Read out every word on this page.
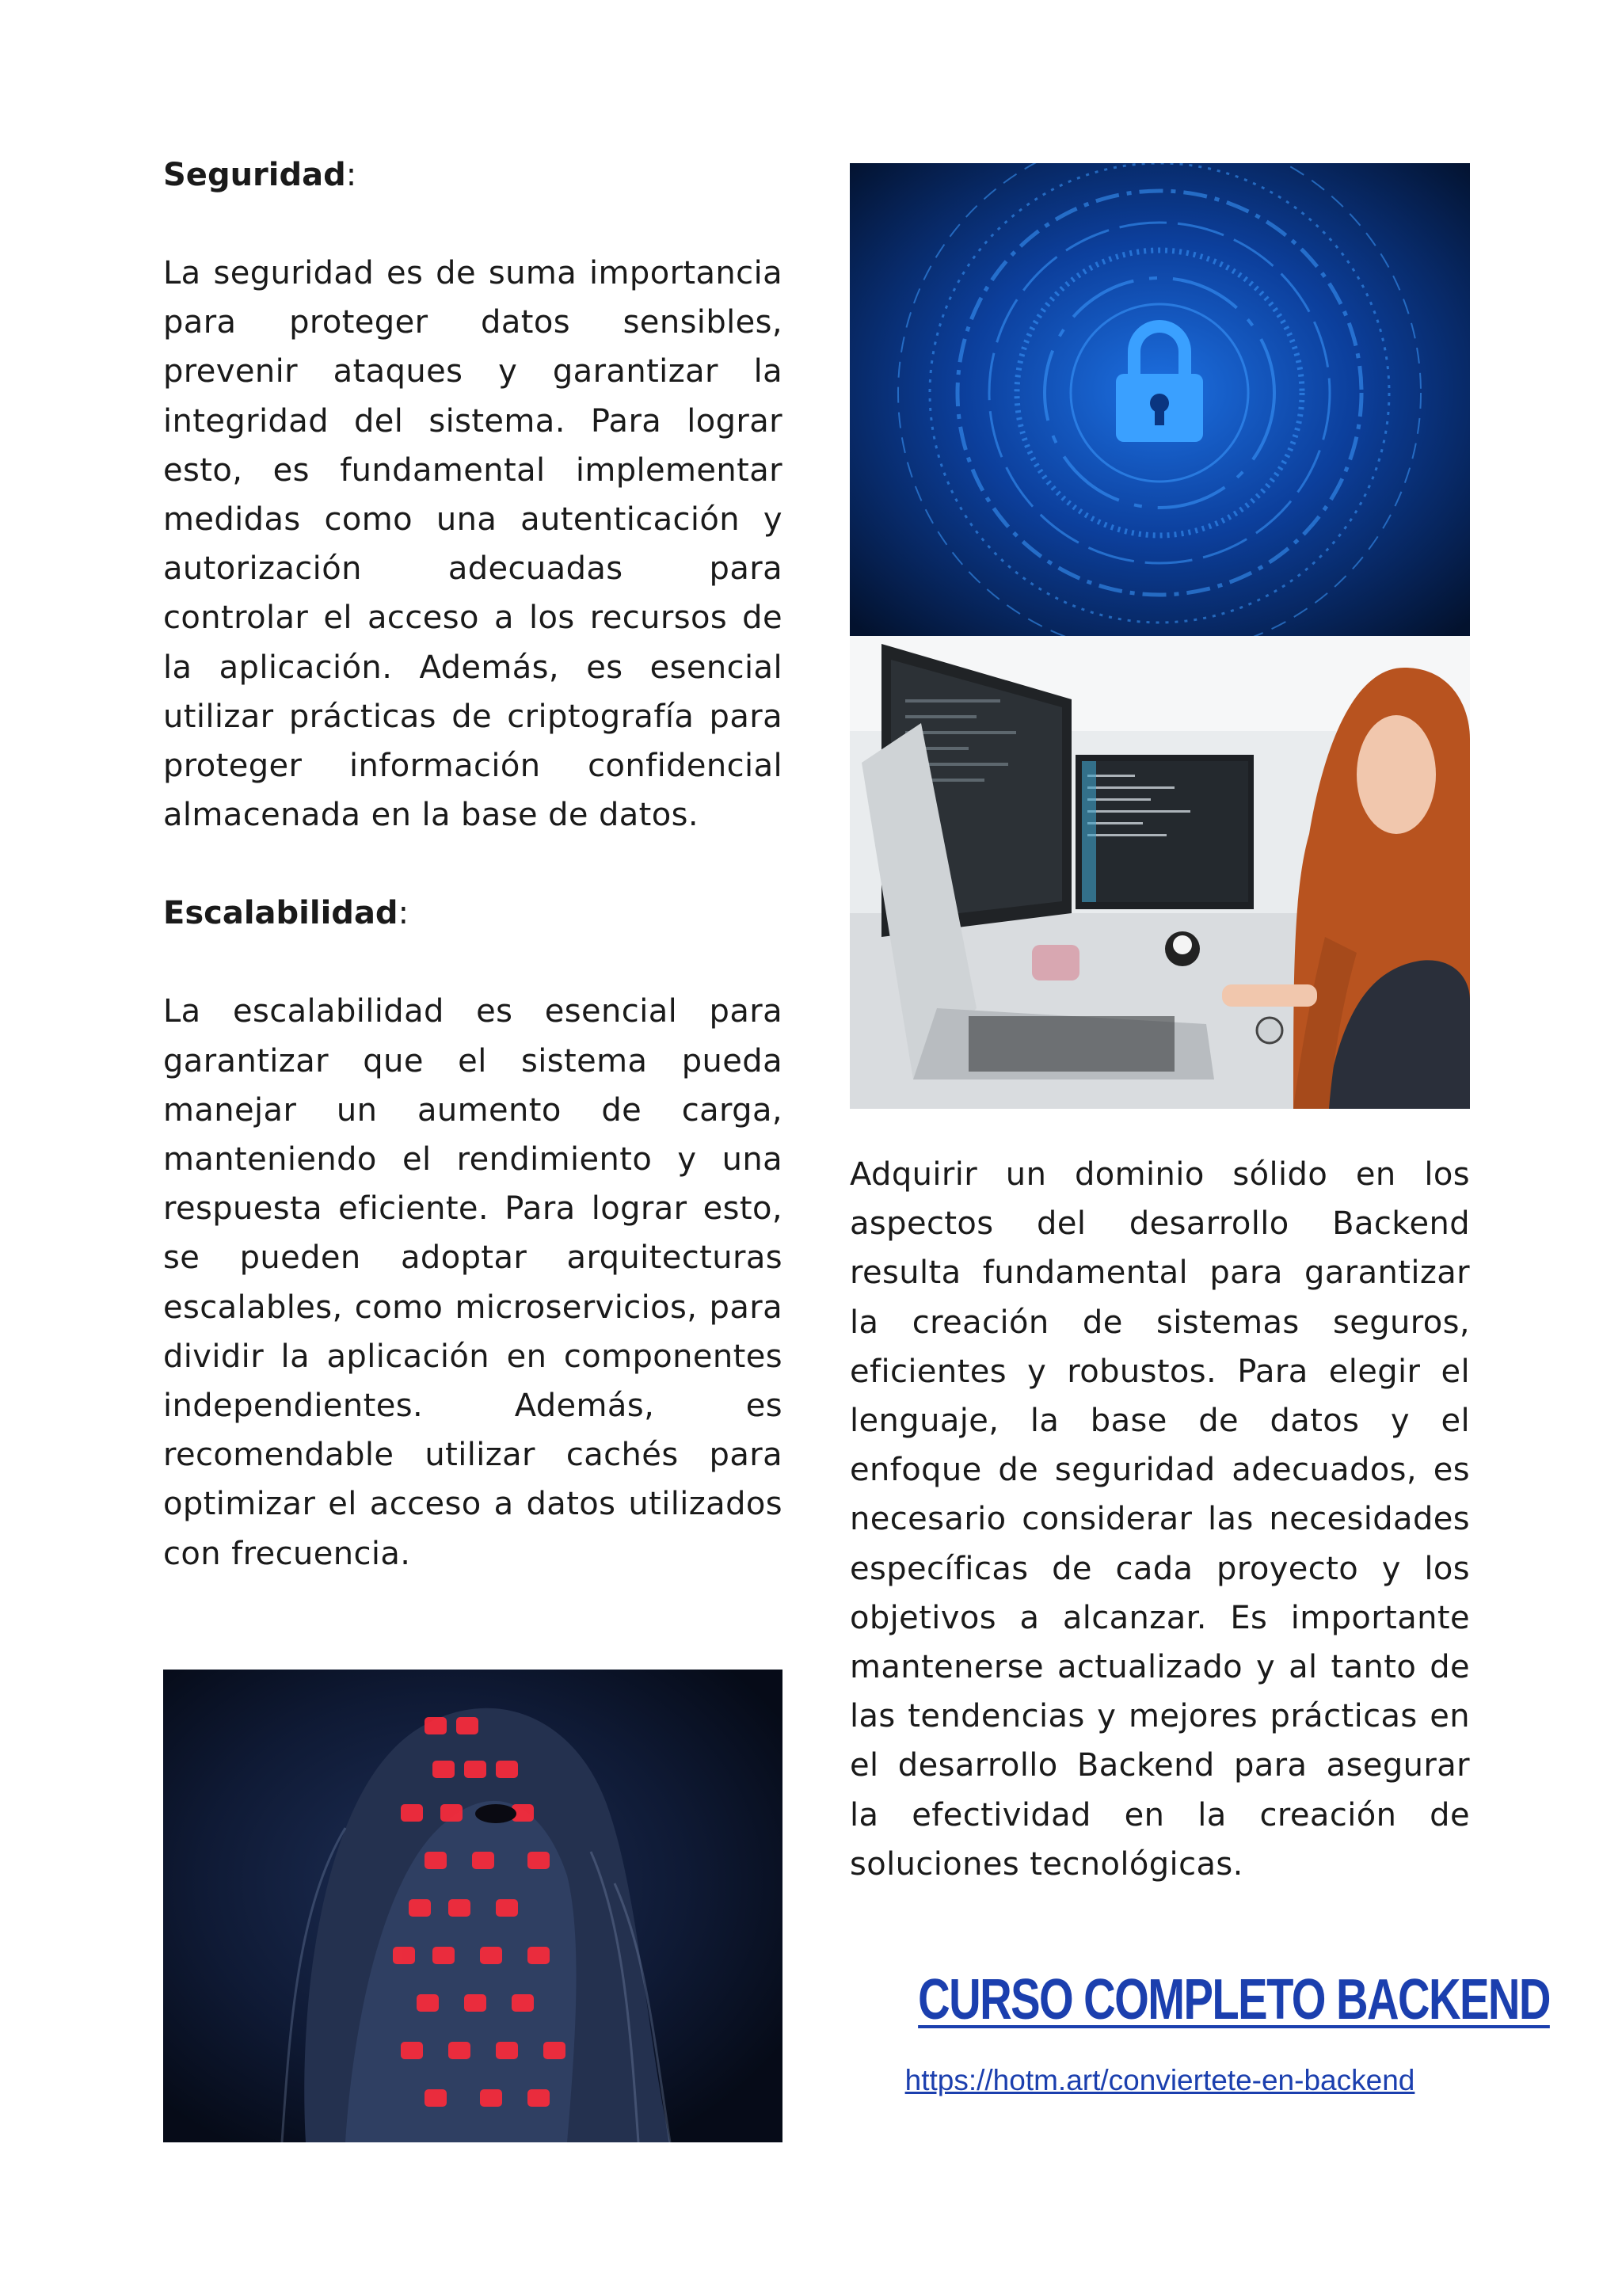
Seguridad:

La seguridad es de suma importancia para proteger datos sensibles, prevenir ataques y garantizar la integridad del sistema. Para lograr esto, es fundamental implementar medidas como una autenticación y autorización adecuadas para controlar el acceso a los recursos de la aplicación. Además, es esencial utilizar prácticas de criptografía para proteger información confidencial almacenada en la base de datos.

Escalabilidad:

La escalabilidad es esencial para garantizar que el sistema pueda manejar un aumento de carga, manteniendo el rendimiento y una respuesta eficiente. Para lograr esto, se pueden adoptar arquitecturas escalables, como microservicios, para dividir la aplicación en componentes independientes. Además, es recomendable utilizar cachés para optimizar el acceso a datos utilizados con frecuencia.

Adquirir un dominio sólido en los aspectos del desarrollo Backend resulta fundamental para garantizar la creación de sistemas seguros, eficientes y robustos. Para elegir el lenguaje, la base de datos y el enfoque de seguridad adecuados, es necesario considerar las necesidades específicas de cada proyecto y los objetivos a alcanzar. Es importante mantenerse actualizado y al tanto de las tendencias y mejores prácticas en el desarrollo Backend para asegurar la efectividad en la creación de soluciones tecnológicas.

CURSO COMPLETO BACKEND
https://hotm.art/conviertete-en-backend
